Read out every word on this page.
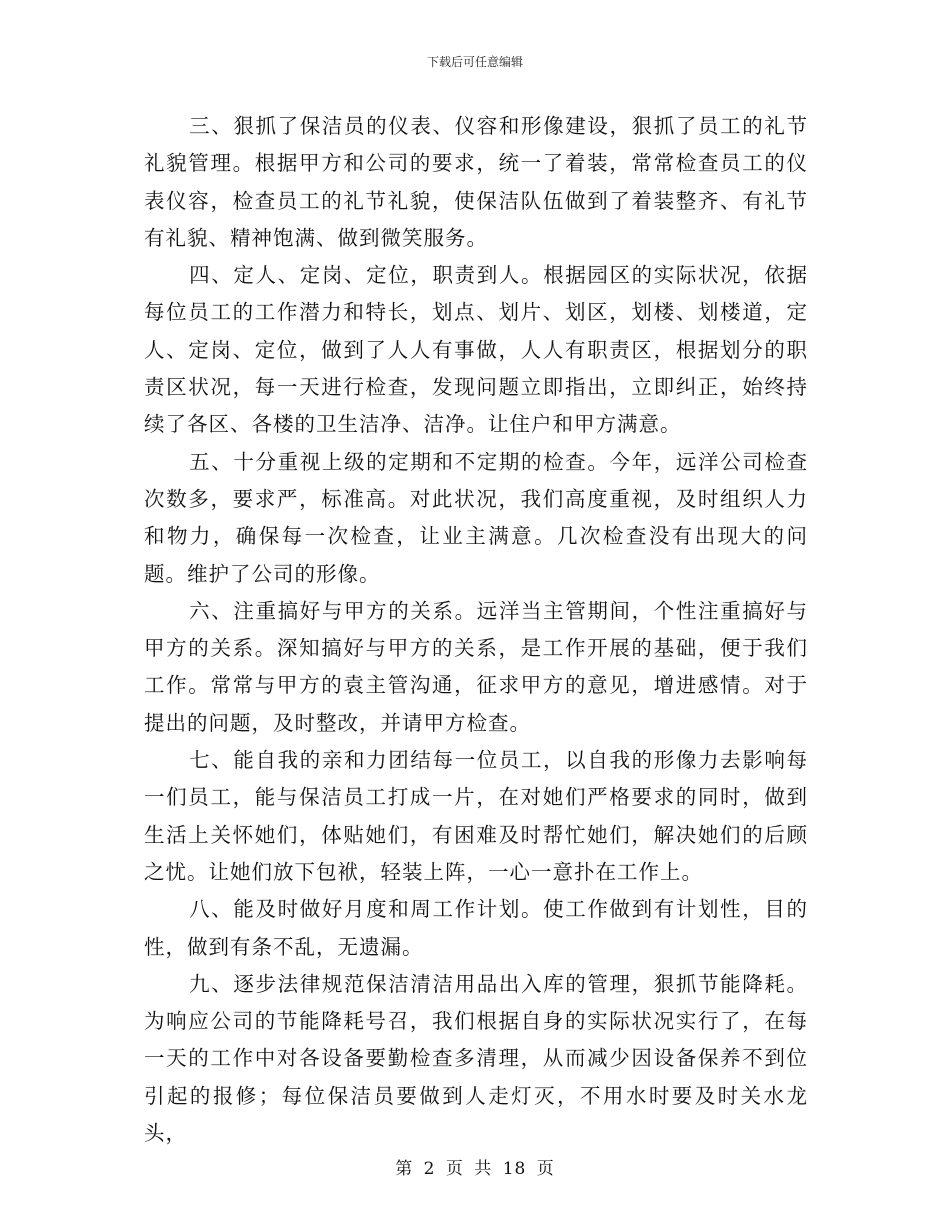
下载后可任意编辑

三、狠抓了保洁员的仪表、仪容和形像建设，狠抓了员工的礼节礼貌管理。根据甲方和公司的要求，统一了着装，常常检查员工的仪表仪容，检查员工的礼节礼貌，使保洁队伍做到了着装整齐、有礼节有礼貌、精神饱满、做到微笑服务。

四、定人、定岗、定位，职责到人。根据园区的实际状况，依据每位员工的工作潜力和特长，划点、划片、划区，划楼、划楼道，定人、定岗、定位，做到了人人有事做，人人有职责区，根据划分的职责区状况，每一天进行检查，发现问题立即指出，立即纠正，始终持续了各区、各楼的卫生洁净、洁净。让住户和甲方满意。

五、十分重视上级的定期和不定期的检查。今年，远洋公司检查次数多，要求严，标准高。对此状况，我们高度重视，及时组织人力和物力，确保每一次检查，让业主满意。几次检查没有出现大的问题。维护了公司的形像。

六、注重搞好与甲方的关系。远洋当主管期间，个性注重搞好与甲方的关系。深知搞好与甲方的关系，是工作开展的基础，便于我们工作。常常与甲方的袁主管沟通，征求甲方的意见，增进感情。对于提出的问题，及时整改，并请甲方检查。

七、能自我的亲和力团结每一位员工，以自我的形像力去影响每一们员工，能与保洁员工打成一片，在对她们严格要求的同时，做到生活上关怀她们，体贴她们，有困难及时帮忙她们，解决她们的后顾之忧。让她们放下包袱，轻装上阵，一心一意扑在工作上。

八、能及时做好月度和周工作计划。使工作做到有计划性，目的性，做到有条不乱，无遗漏。

九、逐步法律规范保洁清洁用品出入库的管理，狠抓节能降耗。为响应公司的节能降耗号召，我们根据自身的实际状况实行了，在每一天的工作中对各设备要勤检查多清理，从而减少因设备保养不到位引起的报修；每位保洁员要做到人走灯灭，不用水时要及时关水龙头，

第 2 页 共 18 页
